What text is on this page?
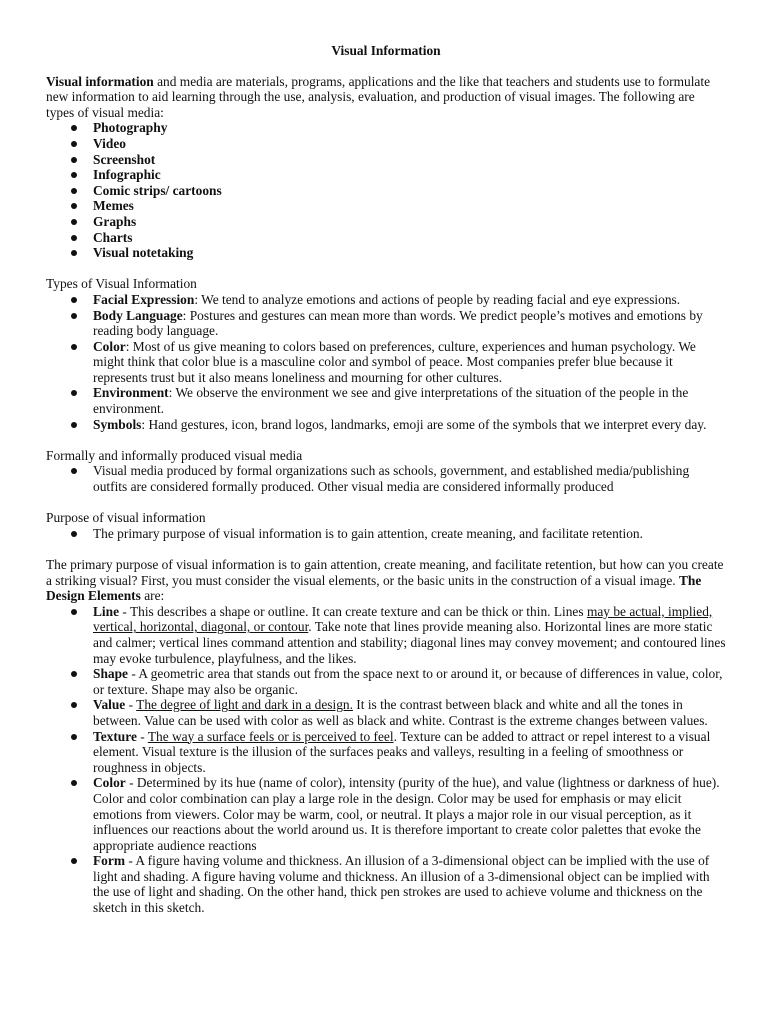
Visual Information

Visual information and media are materials, programs, applications and the like that teachers and students use to formulate new information to aid learning through the use, analysis, evaluation, and production of visual images. The following are types of visual media:

Photography
Video
Screenshot
Infographic
Comic strips/ cartoons
Memes
Graphs
Charts
Visual notetaking

Types of Visual Information

Facial Expression: We tend to analyze emotions and actions of people by reading facial and eye expressions.
Body Language: Postures and gestures can mean more than words. We predict people’s motives and emotions by reading body language.
Color: Most of us give meaning to colors based on preferences, culture, experiences and human psychology. We might think that color blue is a masculine color and symbol of peace. Most companies prefer blue because it represents trust but it also means loneliness and mourning for other cultures.
Environment: We observe the environment we see and give interpretations of the situation of the people in the environment.
Symbols: Hand gestures, icon, brand logos, landmarks, emoji are some of the symbols that we interpret every day.

Formally and informally produced visual media

Visual media produced by formal organizations such as schools, government, and established media/publishing outfits are considered formally produced. Other visual media are considered informally produced

Purpose of visual information

The primary purpose of visual information is to gain attention, create meaning, and facilitate retention.

The primary purpose of visual information is to gain attention, create meaning, and facilitate retention, but how can you create a striking visual? First, you must consider the visual elements, or the basic units in the construction of a visual image. The Design Elements are:

Line - This describes a shape or outline. It can create texture and can be thick or thin. Lines may be actual, implied, vertical, horizontal, diagonal, or contour. Take note that lines provide meaning also. Horizontal lines are more static and calmer; vertical lines command attention and stability; diagonal lines may convey movement; and contoured lines may evoke turbulence, playfulness, and the likes.
Shape - A geometric area that stands out from the space next to or around it, or because of differences in value, color, or texture. Shape may also be organic.
Value - The degree of light and dark in a design. It is the contrast between black and white and all the tones in between. Value can be used with color as well as black and white. Contrast is the extreme changes between values.
Texture - The way a surface feels or is perceived to feel. Texture can be added to attract or repel interest to a visual element. Visual texture is the illusion of the surfaces peaks and valleys, resulting in a feeling of smoothness or roughness in objects.
Color - Determined by its hue (name of color), intensity (purity of the hue), and value (lightness or darkness of hue). Color and color combination can play a large role in the design. Color may be used for emphasis or may elicit emotions from viewers. Color may be warm, cool, or neutral. It plays a major role in our visual perception, as it influences our reactions about the world around us. It is therefore important to create color palettes that evoke the appropriate audience reactions
Form - A figure having volume and thickness. An illusion of a 3-dimensional object can be implied with the use of light and shading. A figure having volume and thickness. An illusion of a 3-dimensional object can be implied with the use of light and shading. On the other hand, thick pen strokes are used to achieve volume and thickness on the sketch in this sketch.
